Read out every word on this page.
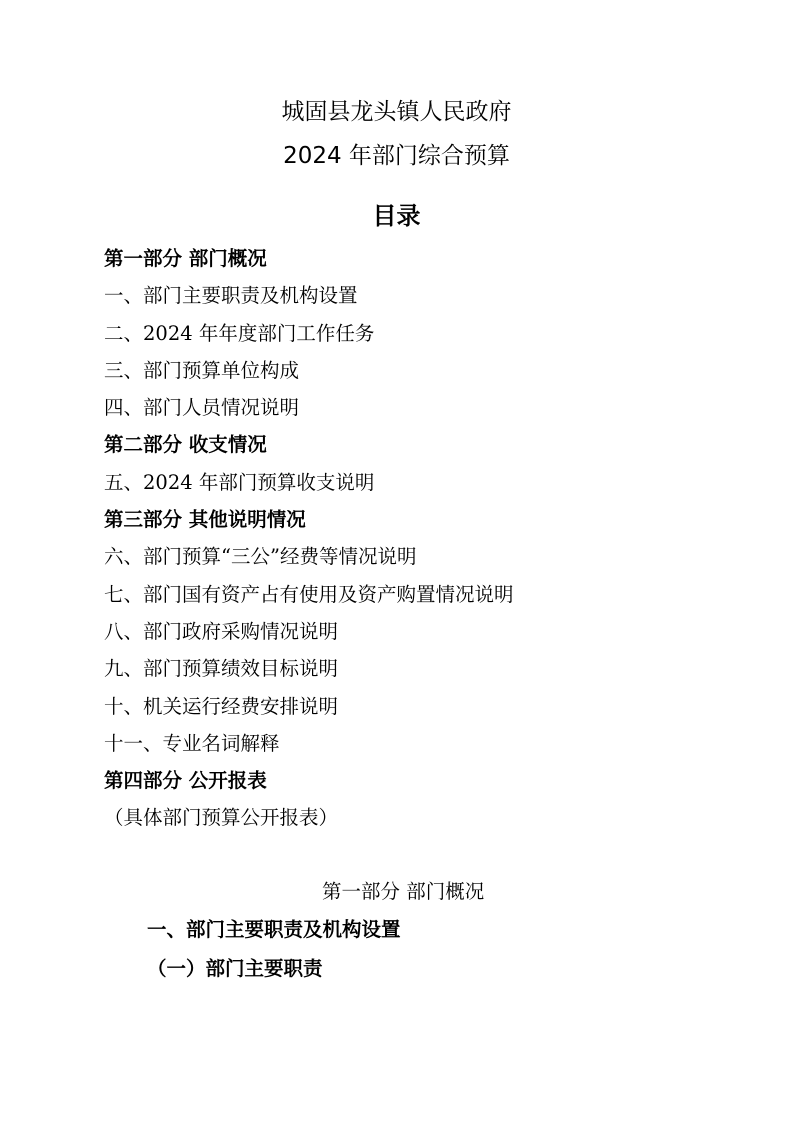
城固县龙头镇人民政府
2024 年部门综合预算
目录
第一部分 部门概况
一、部门主要职责及机构设置
二、2024 年年度部门工作任务
三、部门预算单位构成
四、部门人员情况说明
第二部分 收支情况
五、2024 年部门预算收支说明
第三部分 其他说明情况
六、部门预算“三公”经费等情况说明
七、部门国有资产占有使用及资产购置情况说明
八、部门政府采购情况说明
九、部门预算绩效目标说明
十、机关运行经费安排说明
十一、专业名词解释
第四部分 公开报表
（具体部门预算公开报表）
第一部分 部门概况
一、部门主要职责及机构设置
（一）部门主要职责
